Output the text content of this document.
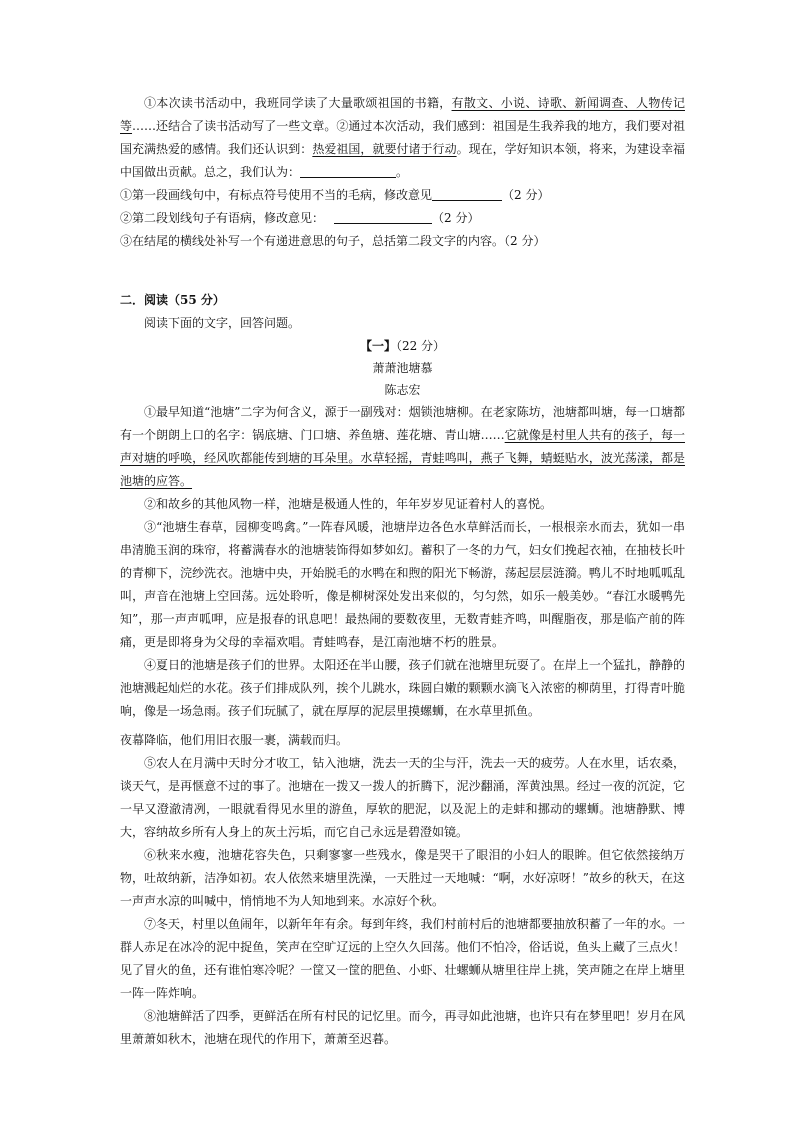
①本次读书活动中，我班同学读了大量歌颂祖国的书籍，有散文、小说、诗歌、新闻调查、人物传记等……还结合了读书活动写了一些文章。②通过本次活动，我们感到：祖国是生我养我的地方，我们要对祖国充满热爱的感情。我们还认识到：热爱祖国，就要付诸于行动。现在，学好知识本领，将来，为建设幸福中国做出贡献。总之，我们认为：	。

①第一段画线句中，有标点符号使用不当的毛病，修改意见	（2 分）

②第二段划线句子有语病，修改意见：	（2 分）

③在结尾的横线处补写一个有递进意思的句子，总括第二段文字的内容。（2 分）

二．阅读（55 分）
阅读下面的文字，回答问题。
【一】（22 分）
萧萧池塘慕
陈志宏

①最早知道“池塘”二字为何含义，源于一副残对：烟锁池塘柳。在老家陈坊，池塘都叫塘，每一口塘都有一个朗朗上口的名字：锅底塘、门口塘、养鱼塘、莲花塘、青山塘……它就像是村里人共有的孩子，每一声对塘的呼唤，经风吹都能传到塘的耳朵里。水草轻摇，青蛙鸣叫，燕子飞舞，蜻蜓贴水，波光荡漾，都是池塘的应答。

②和故乡的其他风物一样，池塘是极通人性的，年年岁岁见证着村人的喜悦。

③“池塘生春草，园柳变鸣禽。”一阵春风暖，池塘岸边各色水草鲜活而长，一根根亲水而去，犹如一串串清脆玉润的珠帘，将蓄满春水的池塘装饰得如梦如幻。蓄积了一冬的力气，妇女们挽起衣袖，在抽枝长叶的青柳下，浣纱洗衣。池塘中央，开始脱毛的水鸭在和煦的阳光下畅游，荡起层层涟漪。鸭儿不时地呱呱乱叫，声音在池塘上空回荡。远处聆听，像是柳树深处发出来似的，匀匀然，如乐一般美妙。“春江水暖鸭先知”，那一声声呱呷，应是报春的讯息吧！最热闹的要数夜里，无数青蛙齐鸣，叫醒脂夜，那是临产前的阵痛，更是即将身为父母的幸福欢唱。青蛙鸣春，是江南池塘不朽的胜景。

④夏日的池塘是孩子们的世界。太阳还在半山腰，孩子们就在池塘里玩耍了。在岸上一个猛扎，静静的池塘溅起灿烂的水花。孩子们排成队列，挨个儿跳水，珠圆白嫩的颗颗水滴飞入浓密的柳荫里，打得青叶脆响，像是一场急雨。孩子们玩腻了，就在厚厚的泥层里摸螺蛳，在水草里抓鱼。

夜幕降临，他们用旧衣服一裹，满载而归。

⑤农人在月满中天时分才收工，钻入池塘，洗去一天的尘与汗，洗去一天的疲劳。人在水里，话农桑，谈天气，是再惬意不过的事了。池塘在一拨又一拨人的折腾下，泥沙翻涌，浑黄浊黑。经过一夜的沉淀，它一早又澄澈清冽，一眼就看得见水里的游鱼，厚软的肥泥，以及泥上的走蚌和挪动的螺蛳。池塘静默、博大，容纳故乡所有人身上的灰土污垢，而它自己永远是碧澄如镜。

⑥秋来水瘦，池塘花容失色，只剩寥寥一些残水，像是哭干了眼泪的小妇人的眼眸。但它依然接纳万物，吐故纳新，洁净如初。农人依然来塘里洗澡，一天胜过一天地喊：“啊，水好凉呀！”故乡的秋天，在这一声声水凉的叫喊中，悄悄地不为人知地到来。水凉好个秋。

⑦冬天，村里以鱼闹年，以新年年有余。每到年终，我们村前村后的池塘都要抽放积蓄了一年的水。一群人赤足在冰冷的泥中捉鱼，笑声在空旷辽远的上空久久回荡。他们不怕冷，俗话说，鱼头上藏了三点火！见了冒火的鱼，还有谁怕寒冷呢？一筐又一筐的肥鱼、小虾、壮螺蛳从塘里往岸上挑，笑声随之在岸上塘里一阵一阵炸响。

⑧池塘鲜活了四季，更鲜活在所有村民的记忆里。而今，再寻如此池塘，也许只有在梦里吧！岁月在风里萧萧如秋木，池塘在现代的作用下，萧萧至迟暮。
